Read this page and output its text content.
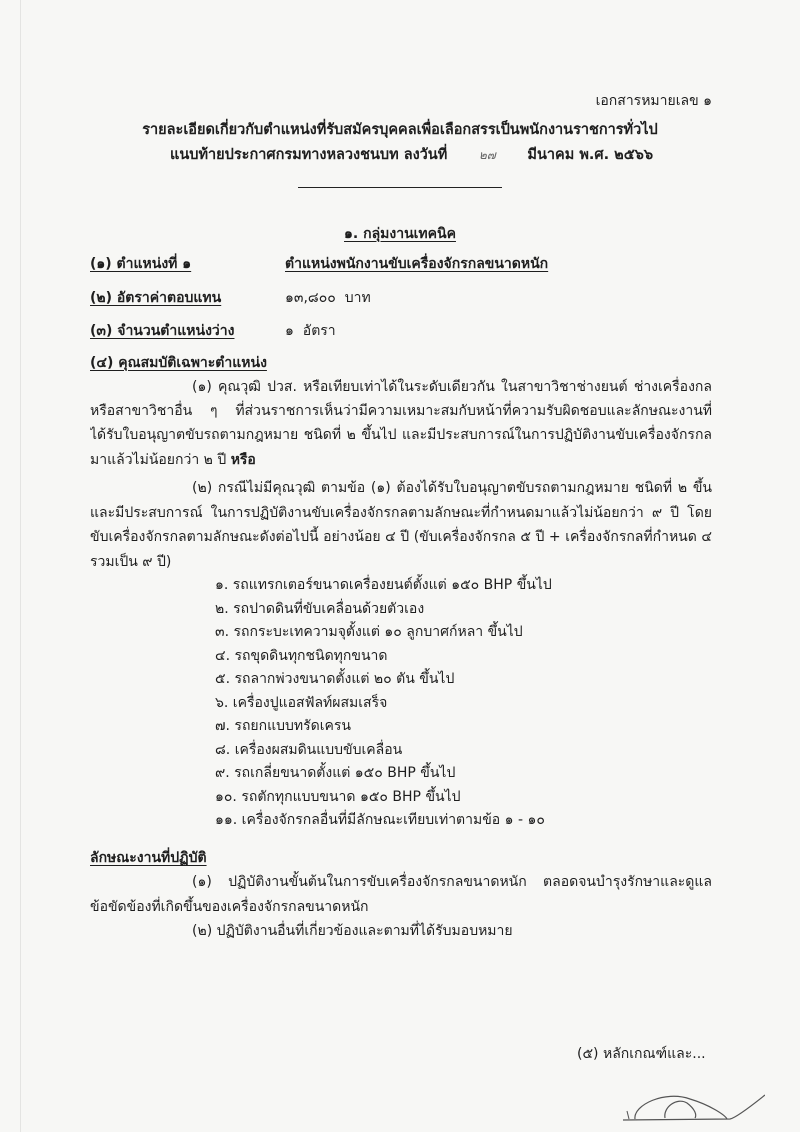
เอกสารหมายเลข ๑
รายละเอียดเกี่ยวกับตำแหน่งที่รับสมัครบุคคลเพื่อเลือกสรรเป็นพนักงานราชการทั่วไป
แนบท้ายประกาศกรมทางหลวงชนบท ลงวันที่	๒๗ มีนาคม พ.ศ. ๒๕๖๖
๑. กลุ่มงานเทคนิค
(๑) ตำแหน่งที่ ๑	ตำแหน่งพนักงานขับเครื่องจักรกลขนาดหนัก
(๒) อัตราค่าตอบแทน	๑๓,๘๐๐  บาท
(๓) จำนวนตำแหน่งว่าง	๑  อัตรา
(๔) คุณสมบัติเฉพาะตำแหน่ง
(๑) คุณวุฒิ ปวส. หรือเทียบเท่าได้ในระดับเดียวกัน ในสาขาวิชาช่างยนต์ ช่างเครื่องกล
หรือสาขาวิชาอื่น ๆ ที่ส่วนราชการเห็นว่ามีความเหมาะสมกับหน้าที่ความรับผิดชอบและลักษณะงานที่
ได้รับใบอนุญาตขับรถตามกฎหมาย ชนิดที่ ๒ ขึ้นไป และมีประสบการณ์ในการปฏิบัติงานขับเครื่องจักรกล
มาแล้วไม่น้อยกว่า ๒ ปี หรือ
(๒) กรณีไม่มีคุณวุฒิ ตามข้อ (๑) ต้องได้รับใบอนุญาตขับรถตามกฎหมาย ชนิดที่ ๒ ขึ้น
และมีประสบการณ์ ในการปฏิบัติงานขับเครื่องจักรกลตามลักษณะที่กำหนดมาแล้วไม่น้อยกว่า ๙ ปี โดย
ขับเครื่องจักรกลตามลักษณะดังต่อไปนี้ อย่างน้อย ๔ ปี (ขับเครื่องจักรกล ๕ ปี + เครื่องจักรกลที่กำหนด ๔
รวมเป็น ๙ ปี)
๑. รถแทรกเตอร์ขนาดเครื่องยนต์ตั้งแต่ ๑๕๐ BHP ขึ้นไป
๒. รถปาดดินที่ขับเคลื่อนด้วยตัวเอง
๓. รถกระบะเทความจุตั้งแต่ ๑๐ ลูกบาศก์หลา ขึ้นไป
๔. รถขุดดินทุกชนิดทุกขนาด
๕. รถลากพ่วงขนาดตั้งแต่ ๒๐ ตัน ขึ้นไป
๖. เครื่องปูแอสฟัลท์ผสมเสร็จ
๗. รถยกแบบทรัดเครน
๘. เครื่องผสมดินแบบขับเคลื่อน
๙. รถเกลี่ยขนาดตั้งแต่ ๑๕๐ BHP ขึ้นไป
๑๐. รถตักทุกแบบขนาด ๑๕๐ BHP ขึ้นไป
๑๑. เครื่องจักรกลอื่นที่มีลักษณะเทียบเท่าตามข้อ ๑ - ๑๐
ลักษณะงานที่ปฏิบัติ
(๑) ปฏิบัติงานขั้นต้นในการขับเครื่องจักรกลขนาดหนัก ตลอดจนบำรุงรักษาและดูแล
ข้อขัดข้องที่เกิดขึ้นของเครื่องจักรกลขนาดหนัก
(๒) ปฏิบัติงานอื่นที่เกี่ยวข้องและตามที่ได้รับมอบหมาย
(๕) หลักเกณฑ์และ...
